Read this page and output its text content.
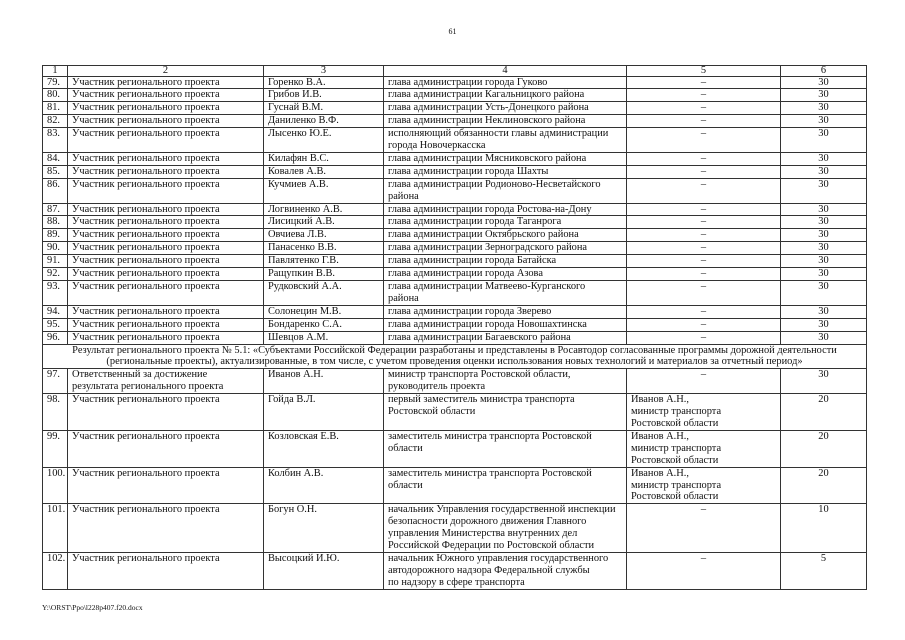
61
1	2	3	4	5	6
79.	Участник регионального проекта	Горенко В.А.	глава администрации города Гуково	–	30
80.	Участник регионального проекта	Грибов И.В.	глава администрации Кагальницкого района	–	30
81.	Участник регионального проекта	Гуснай В.М.	глава администрации Усть-Донецкого района	–	30
82.	Участник регионального проекта	Даниленко В.Ф.	глава администрации Неклиновского района	–	30
83.	Участник регионального проекта	Лысенко Ю.Е.	исполняющий обязанности главы администрации
города Новочеркасска	–	30
84.	Участник регионального проекта	Килафян В.С.	глава администрации Мясниковского района	–	30
85.	Участник регионального проекта	Ковалев А.В.	глава администрации города Шахты	–	30
86.	Участник регионального проекта	Кучмиев А.В.	глава администрации Родионово-Несветайского
района	–	30
87.	Участник регионального проекта	Логвиненко А.В.	глава администрации города Ростова-на-Дону	–	30
88.	Участник регионального проекта	Лисицкий А.В.	глава администрации города Таганрога	–	30
89.	Участник регионального проекта	Овчиева Л.В.	глава администрации Октябрьского района	–	30
90.	Участник регионального проекта	Панасенко В.В.	глава администрации Зерноградского района	–	30
91.	Участник регионального проекта	Павлятенко Г.В.	глава администрации города Батайска	–	30
92.	Участник регионального проекта	Ращупкин В.В.	глава администрации города Азова	–	30
93.	Участник регионального проекта	Рудковский А.А.	глава администрации Матвеево-Курганского
района	–	30
94.	Участник регионального проекта	Солонецин М.В.	глава администрации города Зверево	–	30
95.	Участник регионального проекта	Бондаренко С.А.	глава администрации города Новошахтинска	–	30
96.	Участник регионального проекта	Шевцов А.М.	глава администрации Багаевского района	–	30
Результат регионального проекта № 5.1: «Субъектами Российской Федерации разработаны и представлены в Росавтодор согласованные программы дорожной деятельности
(региональные проекты), актуализированные, в том числе, с учетом проведения оценки использования новых технологий и материалов за отчетный период»					
97.	Ответственный за достижение
результата регионального проекта	Иванов А.Н.	министр транспорта Ростовской области,
руководитель проекта	–	30
98.	Участник регионального проекта	Гойда В.Л.	первый заместитель министра транспорта
Ростовской области	Иванов А.Н.,
министр транспорта
Ростовской области	20
99.	Участник регионального проекта	Козловская Е.В.	заместитель министра транспорта Ростовской
области	Иванов А.Н.,
министр транспорта
Ростовской области	20
100.	Участник регионального проекта	Колбин А.В.	заместитель министра транспорта Ростовской
области	Иванов А.Н.,
министр транспорта
Ростовской области	20
101.	Участник регионального проекта	Богун О.Н.	начальник Управления государственной инспекции
безопасности дорожного движения Главного
управления Министерства внутренних дел
Российской Федерации по Ростовской области	–	10
102.	Участник регионального проекта	Высоцкий И.Ю.	начальник Южного управления государственного
автодорожного надзора Федеральной службы
по надзору в сфере транспорта	–	5
Y:\ORST\Ppo\l228p407.f20.docx
